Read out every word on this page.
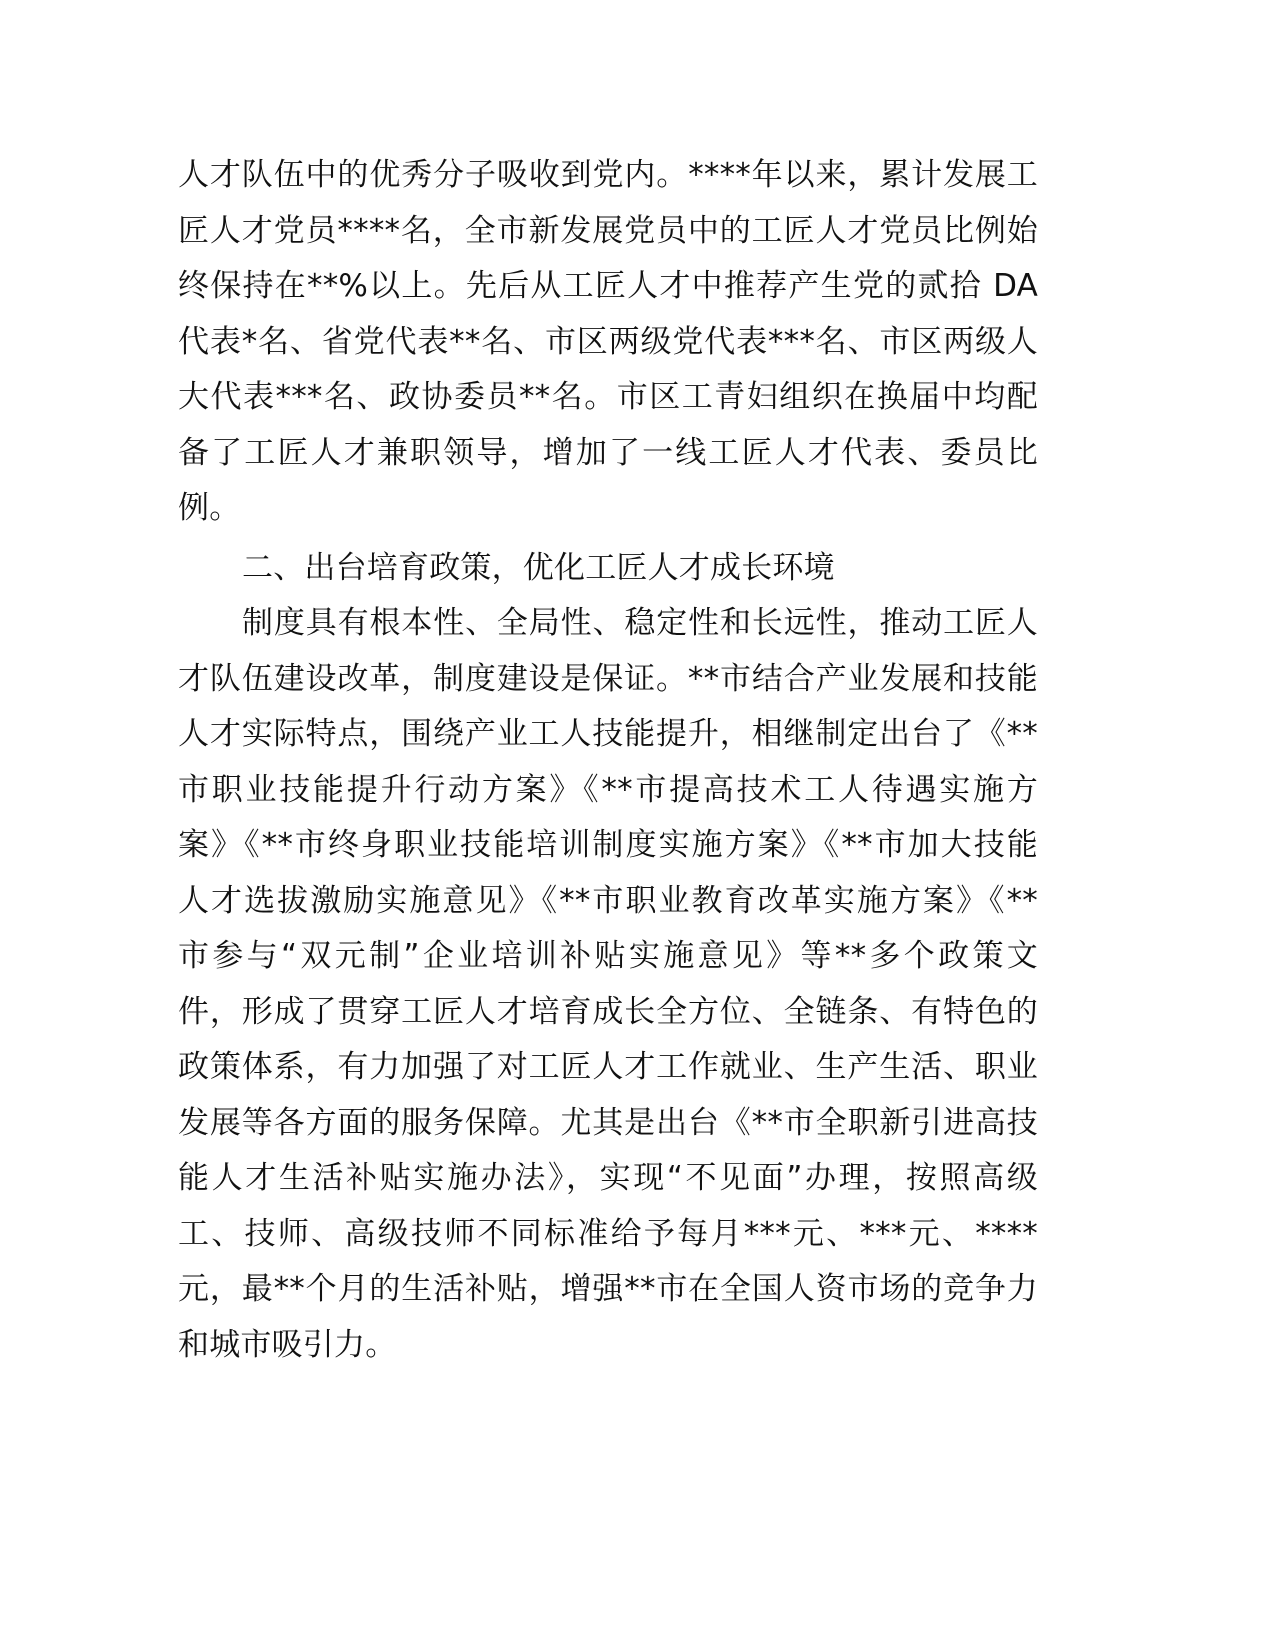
人才队伍中的优秀分子吸收到党内。****年以来，累计发展工
匠人才党员****名，全市新发展党员中的工匠人才党员比例始
终保持在**%以上。先后从工匠人才中推荐产生党的贰拾 DA
代表*名、省党代表**名、市区两级党代表***名、市区两级人
大代表***名、政协委员**名。市区工青妇组织在换届中均配
备了工匠人才兼职领导，增加了一线工匠人才代表、委员比
例。
二、出台培育政策，优化工匠人才成长环境
制度具有根本性、全局性、稳定性和长远性，推动工匠人
才队伍建设改革，制度建设是保证。**市结合产业发展和技能
人才实际特点，围绕产业工人技能提升，相继制定出台了《**
市职业技能提升行动方案》《**市提高技术工人待遇实施方
案》《**市终身职业技能培训制度实施方案》《**市加大技能
人才选拔激励实施意见》《**市职业教育改革实施方案》《**
市参与“双元制”企业培训补贴实施意见》等**多个政策文
件，形成了贯穿工匠人才培育成长全方位、全链条、有特色的
政策体系，有力加强了对工匠人才工作就业、生产生活、职业
发展等各方面的服务保障。尤其是出台《**市全职新引进高技
能人才生活补贴实施办法》，实现“不见面”办理，按照高级
工、技师、高级技师不同标准给予每月***元、***元、****
元，最**个月的生活补贴，增强**市在全国人资市场的竞争力
和城市吸引力。
